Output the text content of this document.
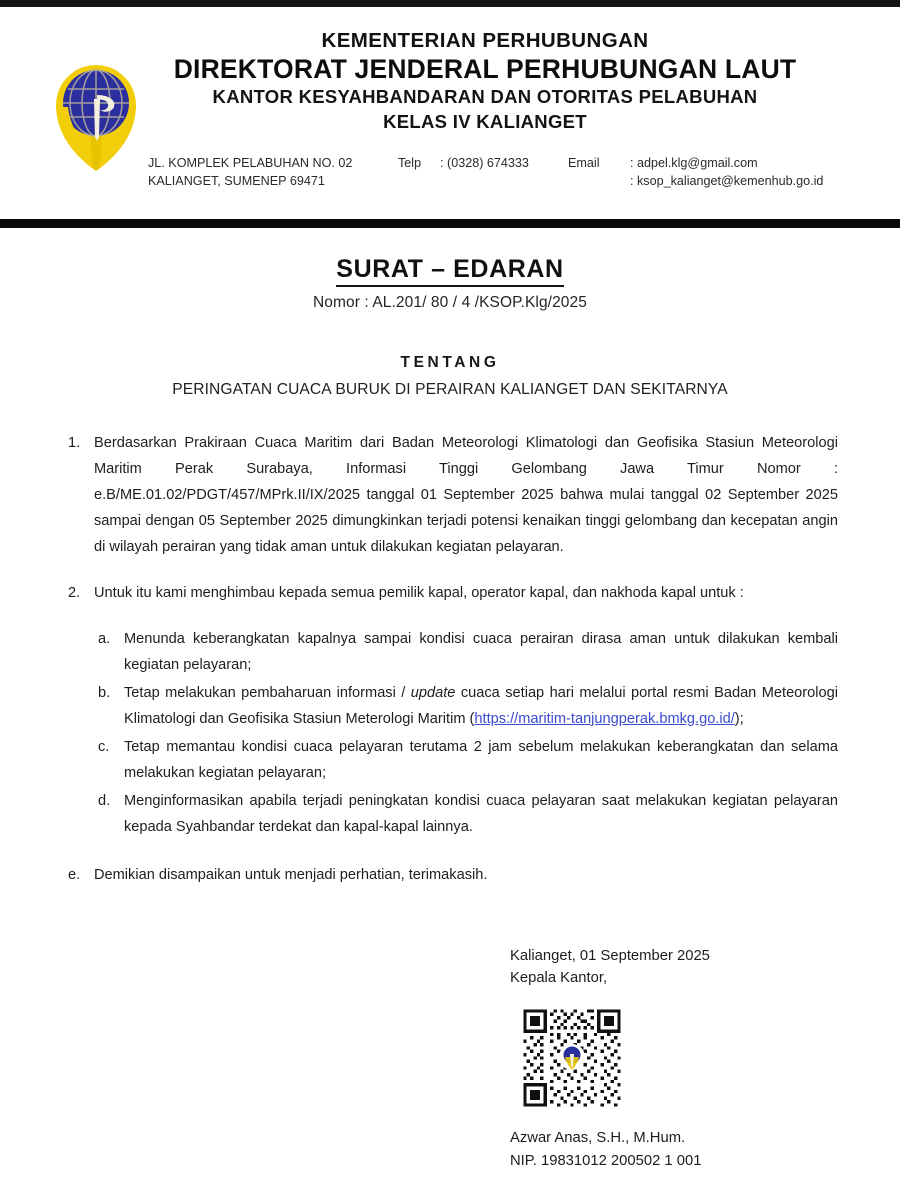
KEMENTERIAN PERHUBUNGAN
DIREKTORAT JENDERAL PERHUBUNGAN LAUT
KANTOR KESYAHBANDARAN DAN OTORITAS PELABUHAN
KELAS IV KALIANGET
JL. KOMPLEK PELABUHAN NO. 02	Telp	: (0328) 674333	Email	: adpel.klg@gmail.com
KALIANGET, SUMENEP 69471	: ksop_kalianget@kemenhub.go.id
SURAT – EDARAN
Nomor : AL.201/ 80 / 4 /KSOP.Klg/2025
TENTANG
PERINGATAN CUACA BURUK DI PERAIRAN KALIANGET DAN SEKITARNYA
1. Berdasarkan Prakiraan Cuaca Maritim dari Badan Meteorologi Klimatologi dan Geofisika Stasiun Meteorologi Maritim Perak Surabaya, Informasi Tinggi Gelombang Jawa Timur Nomor : e.B/ME.01.02/PDGT/457/MPrk.II/IX/2025 tanggal 01 September 2025 bahwa mulai tanggal 02 September 2025 sampai dengan 05 September 2025 dimungkinkan terjadi potensi kenaikan tinggi gelombang dan kecepatan angin di wilayah perairan yang tidak aman untuk dilakukan kegiatan pelayaran.
2. Untuk itu kami menghimbau kepada semua pemilik kapal, operator kapal, dan nakhoda kapal untuk :
a. Menunda keberangkatan kapalnya sampai kondisi cuaca perairan dirasa aman untuk dilakukan kembali kegiatan pelayaran;
b. Tetap melakukan pembaharuan informasi / update cuaca setiap hari melalui portal resmi Badan Meteorologi Klimatologi dan Geofisika Stasiun Meterologi Maritim (https://maritim-tanjungperak.bmkg.go.id/);
c.	Tetap memantau kondisi cuaca pelayaran terutama 2 jam sebelum melakukan keberangkatan dan selama melakukan kegiatan pelayaran;
d. Menginformasikan apabila terjadi peningkatan kondisi cuaca pelayaran saat melakukan kegiatan pelayaran kepada Syahbandar terdekat dan kapal-kapal lainnya.
e. Demikian disampaikan untuk menjadi perhatian, terimakasih.
Kalianget, 01 September 2025
Kepala Kantor,
Azwar Anas, S.H., M.Hum.
NIP. 19831012 200502 1 001
